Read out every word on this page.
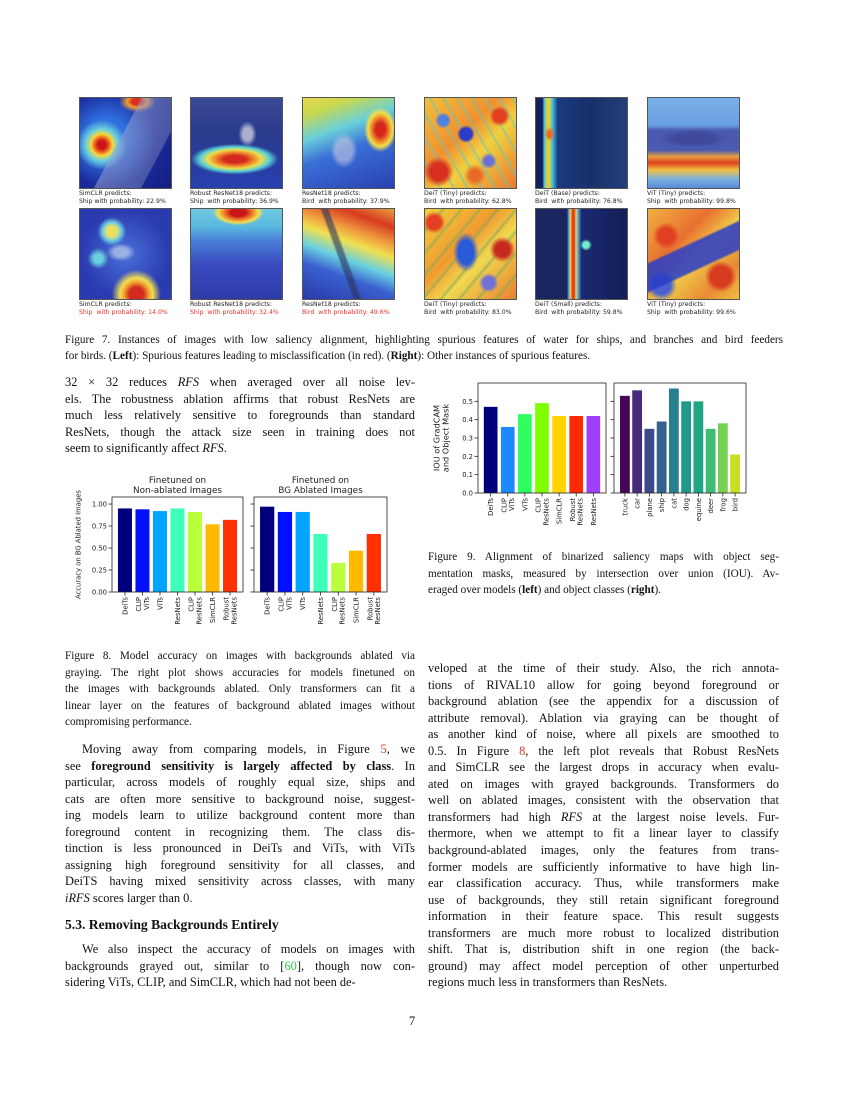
SimCLR predicts:
Ship with probability: 22.9%
Robust ResNet18 predicts:
Ship  with probability: 36.9%
ResNet18 predicts:
Bird  with probability: 37.9%
DeiT (Tiny) predicts:
Bird  with probability: 62.8%
DeiT (Base) predicts:
Bird  with probability: 76.8%
ViT (Tiny) predicts:
Ship  with probability: 99.8%
SimCLR predicts:
Ship  with probability: 14.0%
Robust ResNet18 predicts:
Ship  with probability: 32.4%
ResNet18 predicts:
Bird  with probability: 49.6%
DeiT (Tiny) predicts:
Bird  with probability: 83.0%
DeiT (Small) predicts:
Bird  with probability: 59.8%
ViT (Tiny) predicts:
Ship  with probability: 99.6%
Figure 7. Instances of images with low saliency alignment, highlighting spurious features of water for ships, and branches and bird feeders
for birds. (Left): Spurious features leading to misclassification (in red). (Right): Other instances of spurious features.
32 × 32 reduces RFS when averaged over all noise lev-
els. The robustness ablation affirms that robust ResNets are
much less relatively sensitive to foregrounds than standard
ResNets, though the attack size seen in training does not
seem to significantly affect RFS.
0.00
0.25
0.50
0.75
1.00
DeiTs CLIP ViTs ViTs ResNets CLIP ResNets SimCLR Robust ResNets
Finetuned on
Non-ablated Images
Accuracy on BG Ablated Images
DeiTs CLIP ViTs ViTs ResNets CLIP ResNets SimCLR Robust ResNets
Finetuned on
BG Ablated Images
Figure 8. Model accuracy on images with backgrounds ablated via
graying. The right plot shows accuracies for models finetuned on
the images with backgrounds ablated. Only transformers can fit a
linear layer on the features of background ablated images without
compromising performance.
Moving away from comparing models, in Figure 5, we
see foreground sensitivity is largely affected by class. In
particular, across models of roughly equal size, ships and
cats are often more sensitive to background noise, suggest-
ing models learn to utilize background content more than
foreground content in recognizing them. The class dis-
tinction is less pronounced in DeiTs and ViTs, with ViTs
assigning high foreground sensitivity for all classes, and
DeiTS having mixed sensitivity across classes, with many
iRFS scores larger than 0.
5.3. Removing Backgrounds Entirely
We also inspect the accuracy of models on images with
backgrounds grayed out, similar to [60], though now con-
sidering ViTs, CLIP, and SimCLR, which had not been de-
0.0
0.1
0.2
0.3
0.4
0.5
DeiTs CLIP ViTs ViTs CLIP ResNets SimCLR Robust ResNets ResNets
IOU of GradCAM and Object Mask
truck car plane ship cat dog equine deer frog bird
Figure 9. Alignment of binarized saliency maps with object seg-
mentation masks, measured by intersection over union (IOU). Av-
eraged over models (left) and object classes (right).
veloped at the time of their study. Also, the rich annota-
tions of RIVAL10 allow for going beyond foreground or
background ablation (see the appendix for a discussion of
attribute removal). Ablation via graying can be thought of
as another kind of noise, where all pixels are smoothed to
0.5. In Figure 8, the left plot reveals that Robust ResNets
and SimCLR see the largest drops in accuracy when evalu-
ated on images with grayed backgrounds. Transformers do
well on ablated images, consistent with the observation that
transformers had high RFS at the largest noise levels. Fur-
thermore, when we attempt to fit a linear layer to classify
background-ablated images, only the features from trans-
former models are sufficiently informative to have high lin-
ear classification accuracy. Thus, while transformers make
use of backgrounds, they still retain significant foreground
information in their feature space. This result suggests
transformers are much more robust to localized distribution
shift. That is, distribution shift in one region (the back-
ground) may affect model perception of other unperturbed
regions much less in transformers than ResNets.
7
